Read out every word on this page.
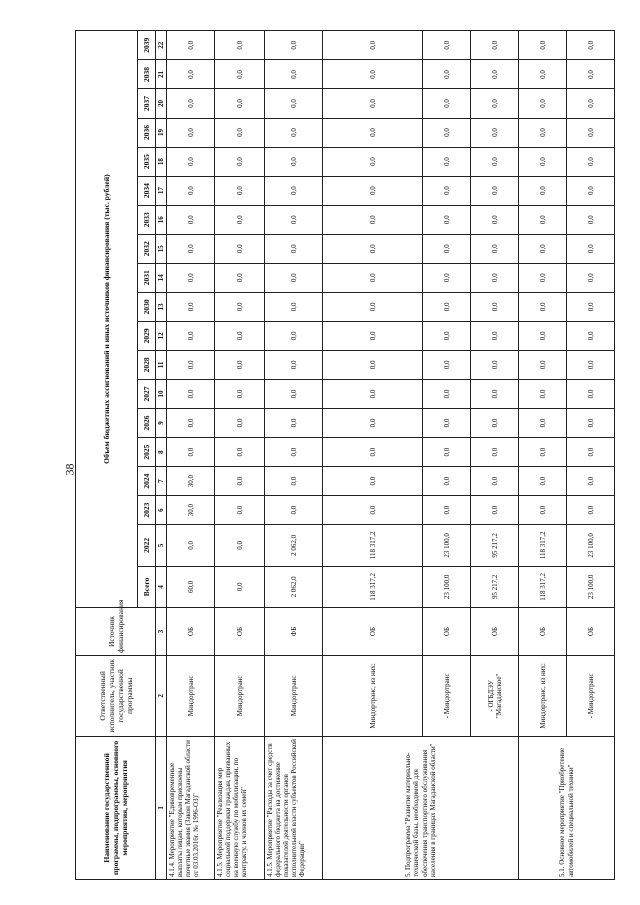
38
Наименование государственной программы, подпрограммы, основного мероприятия, мероприятия	Ответственный исполнитель, участник государственной программы	Источник финансирования	Объем бюджетных ассигнований и иных источников финансирования (тыс. рублей)																		
			Всего	2022	2023	2024	2025	2026	2027	2028	2029	2030	2031	2032	2033	2034	2035	2036	2037	2038	2039
1	2	3	4	5	6	7	8	9	10	11	12	13	14	15	16	17	18	19	20	21	22
4.1.4. Мероприятие "Единовременные выплаты лицам, которым присвоены почетные звания (Закон Магаданской области от 03.03.2016г. № 1996-ОЗ)"	Миндортранс	ОБ	60,0	0,0	30,0	30,0	0,0	0,0	0,0	0,0	0,0	0,0	0,0	0,0	0,0	0,0	0,0	0,0	0,0	0,0	0,0
4.1.5. Мероприятие "Реализация мер социальной поддержки граждан, призванных на военную службу по мобилизации, по контракту, и членов их семей"	Миндортранс	ОБ	0,0	0,0	0,0	0,0	0,0	0,0	0,0	0,0	0,0	0,0	0,0	0,0	0,0	0,0	0,0	0,0	0,0	0,0	0,0
4.1.5. Мероприятие "Расходы за счет средств федерального бюджета на достижение показателей деятельности органов исполнительной власти субъектов Российской Федерации"	Миндортранс	ФБ	2 062,0	2 062,0	0,0	0,0	0,0	0,0	0,0	0,0	0,0	0,0	0,0	0,0	0,0	0,0	0,0	0,0	0,0	0,0	0,0
5. Подпрограмма "Развитие материально-технической базы, необходимой для обеспечения транспортного обслуживания населения в границах Магаданской области"	Миндортранс, из них:	ОБ	118 317,2	118 317,2	0,0	0,0	0,0	0,0	0,0	0,0	0,0	0,0	0,0	0,0	0,0	0,0	0,0	0,0	0,0	0,0	0,0
	- Миндортранс	ОБ	23 100,0	23 100,0	0,0	0,0	0,0	0,0	0,0	0,0	0,0	0,0	0,0	0,0	0,0	0,0	0,0	0,0	0,0	0,0	0,0
	- ОГБДЭУ "Магаданское"	ОБ	95 217,2	95 217,2	0,0	0,0	0,0	0,0	0,0	0,0	0,0	0,0	0,0	0,0	0,0	0,0	0,0	0,0	0,0	0,0	0,0
5.1. Основное мероприятие "Приобретение автомобилей и специальной техники"	Миндортранс, из них:	ОБ	118 317,2	118 317,2	0,0	0,0	0,0	0,0	0,0	0,0	0,0	0,0	0,0	0,0	0,0	0,0	0,0	0,0	0,0	0,0	0,0
	- Миндортранс	ОБ	23 100,0	23 100,0	0,0	0,0	0,0	0,0	0,0	0,0	0,0	0,0	0,0	0,0	0,0	0,0	0,0	0,0	0,0	0,0	0,0
